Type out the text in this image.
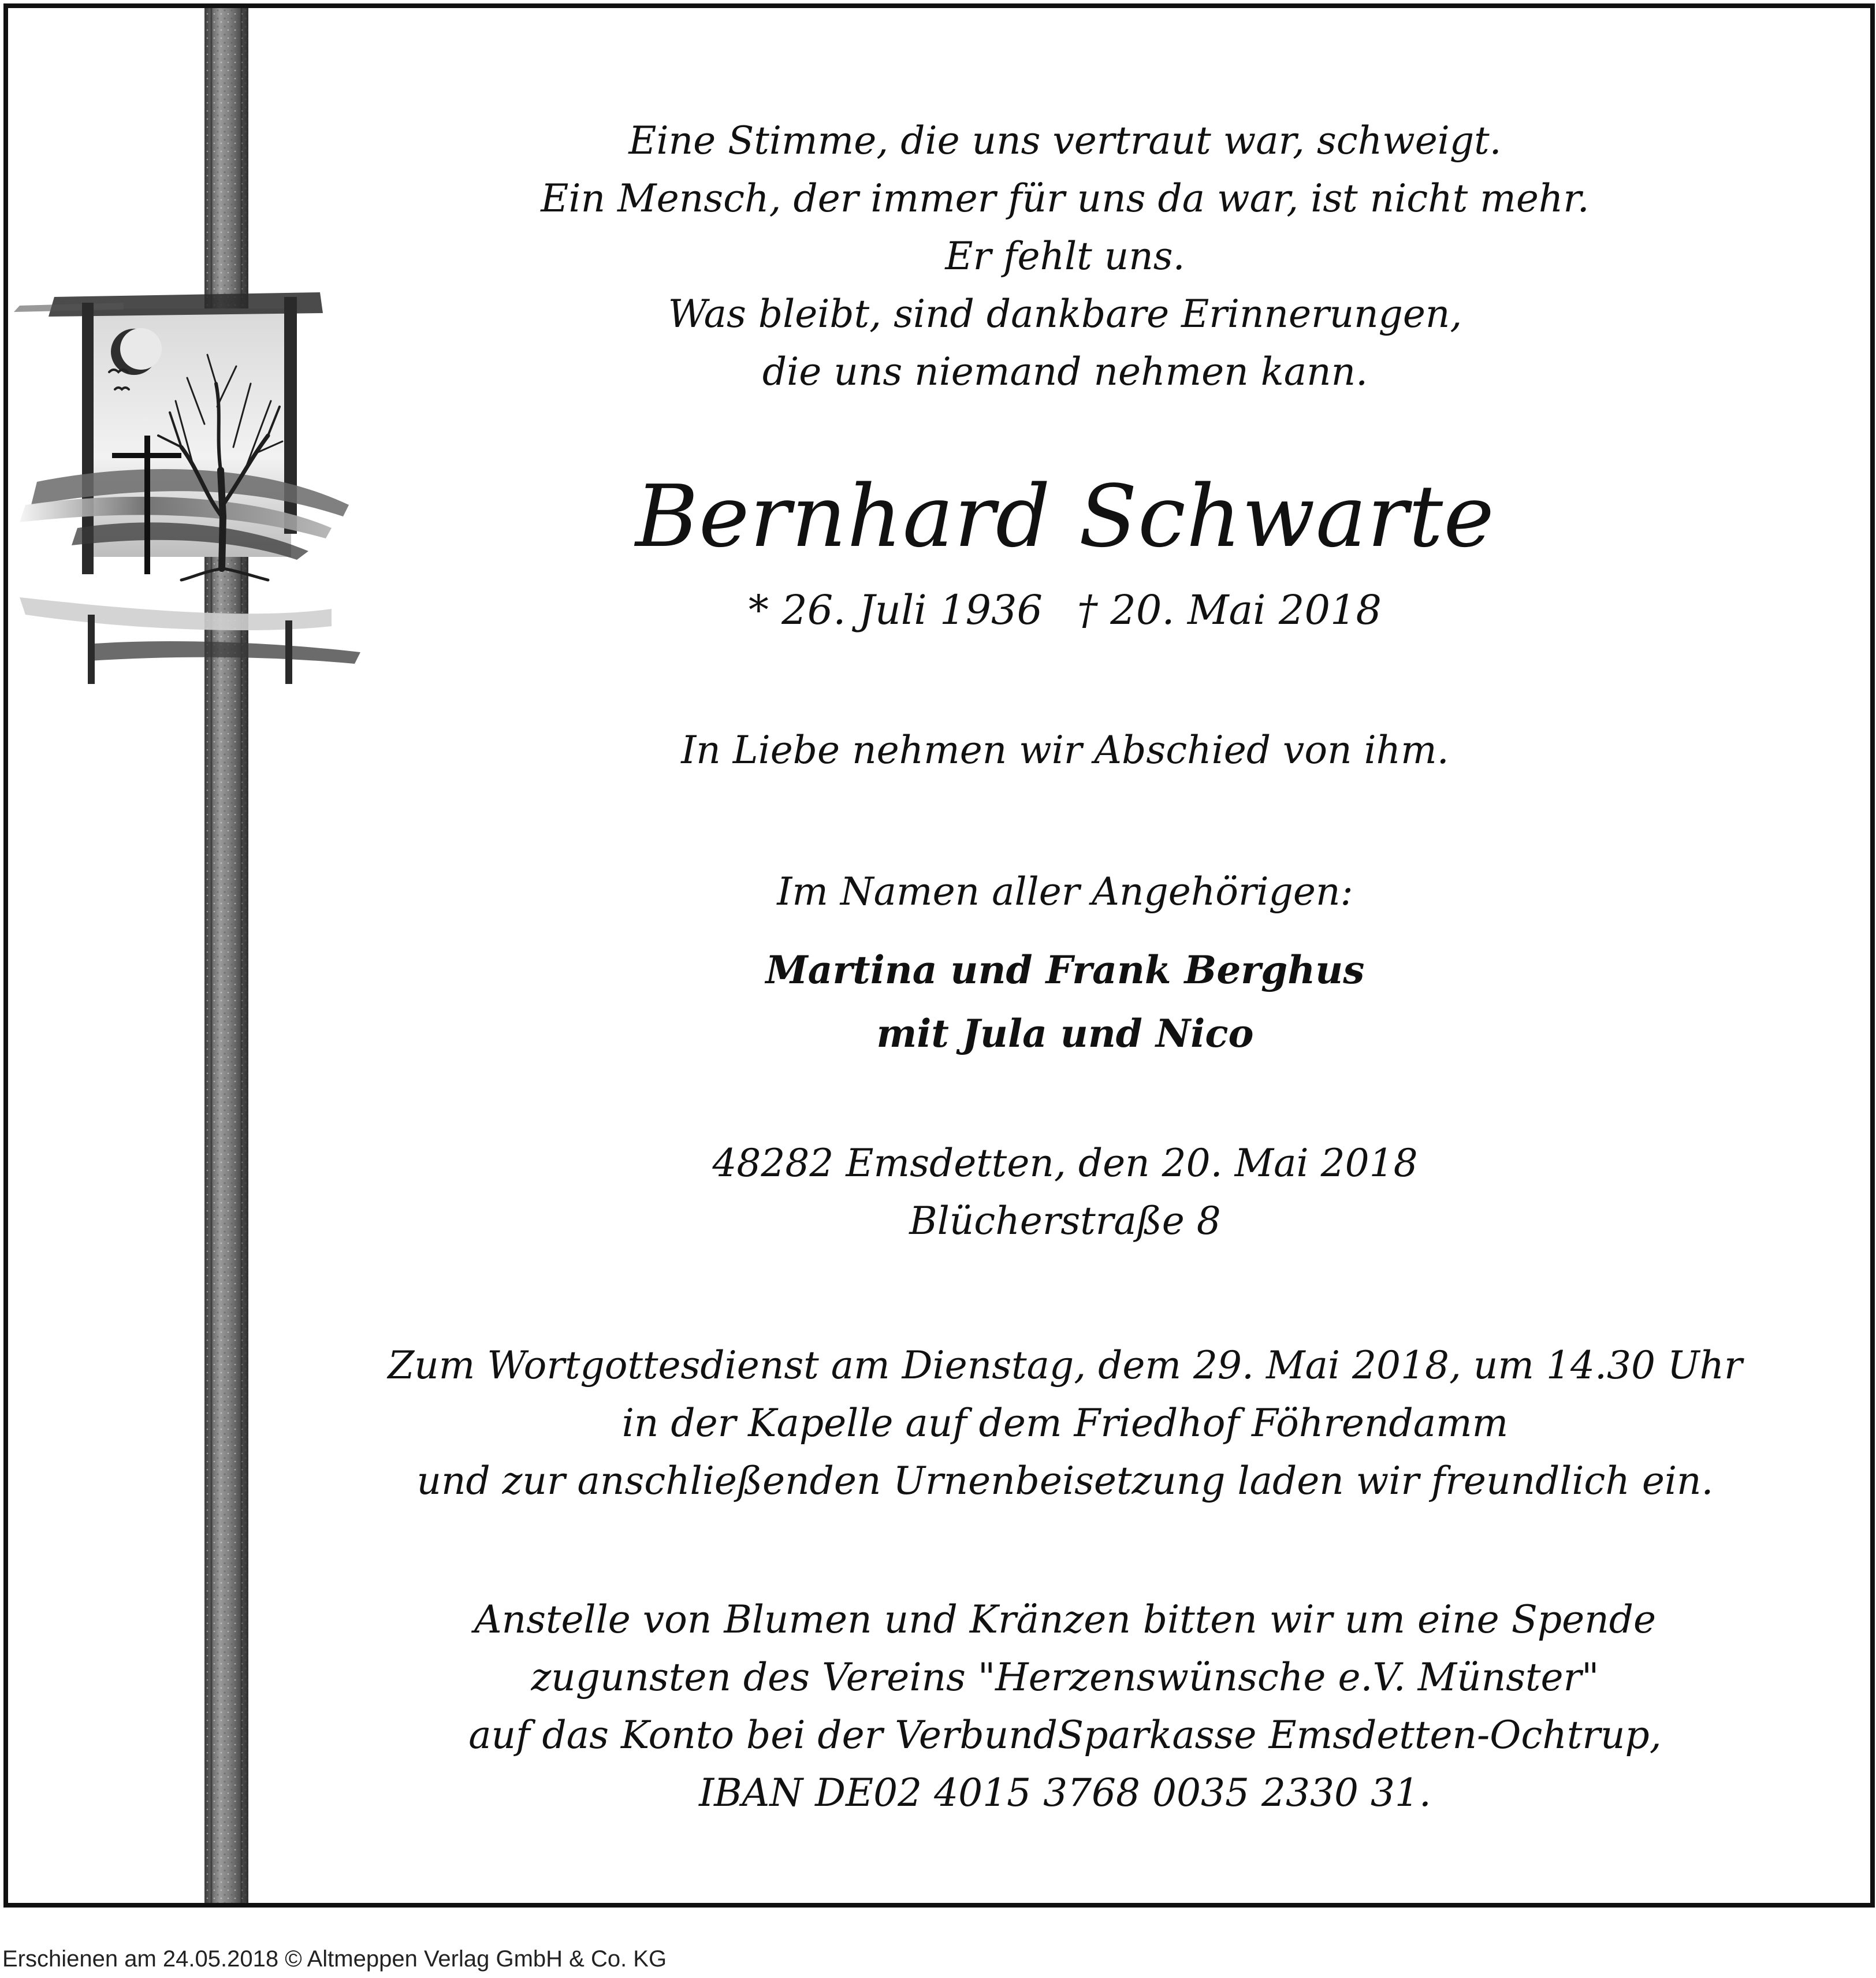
Eine Stimme, die uns vertraut war, schweigt.
Ein Mensch, der immer für uns da war, ist nicht mehr.
Er fehlt uns.
Was bleibt, sind dankbare Erinnerungen,
die uns niemand nehmen kann.
Bernhard Schwarte
* 26. Juli 1936 † 20. Mai 2018
In Liebe nehmen wir Abschied von ihm.
Im Namen aller Angehörigen:
Martina und Frank Berghus
mit Jula und Nico
48282 Emsdetten, den 20. Mai 2018
Blücherstraße 8
Zum Wortgottesdienst am Dienstag, dem 29. Mai 2018, um 14.30 Uhr
in der Kapelle auf dem Friedhof Föhrendamm
und zur anschließenden Urnenbeisetzung laden wir freundlich ein.
Anstelle von Blumen und Kränzen bitten wir um eine Spende
zugunsten des Vereins "Herzenswünsche e.V. Münster"
auf das Konto bei der VerbundSparkasse Emsdetten-Ochtrup,
IBAN DE02 4015 3768 0035 2330 31.
Erschienen am 24.05.2018 © Altmeppen Verlag GmbH & Co. KG
